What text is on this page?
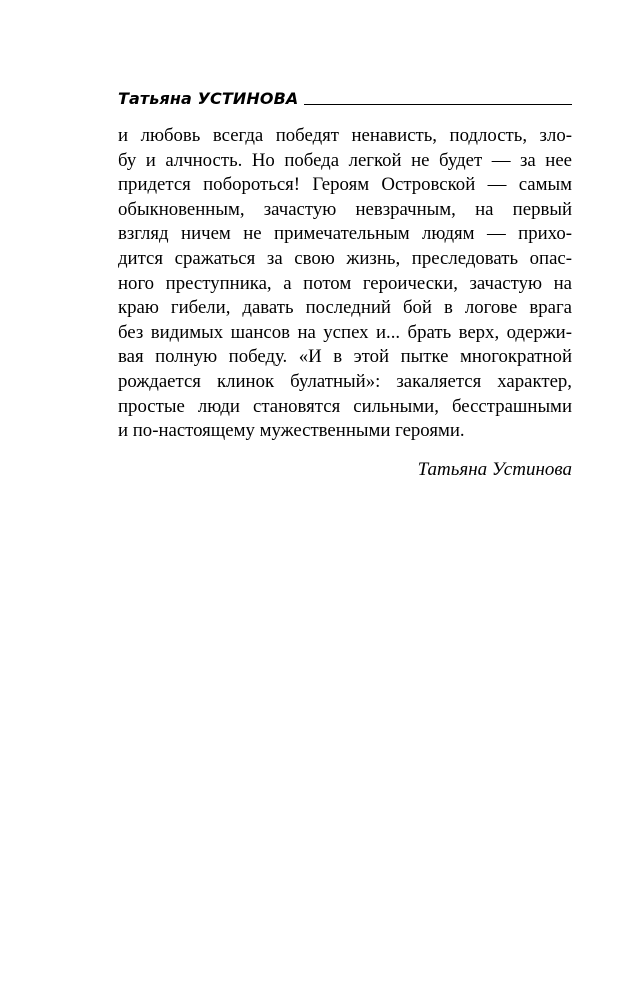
Татьяна УСТИНОВА
и любовь всегда победят ненависть, подлость, зло-
бу и алчность. Но победа легкой не будет — за нее
придется побороться! Героям Островской — самым
обыкновенным, зачастую невзрачным, на первый
взгляд ничем не примечательным людям — прихо-
дится сражаться за свою жизнь, преследовать опас-
ного преступника, а потом героически, зачастую на
краю гибели, давать последний бой в логове врага
без видимых шансов на успех и... брать верх, одержи-
вая полную победу. «И в этой пытке многократной
рождается клинок булатный»: закаляется характер,
простые люди становятся сильными, бесстрашными
и по-настоящему мужественными героями.
Татьяна Устинова
